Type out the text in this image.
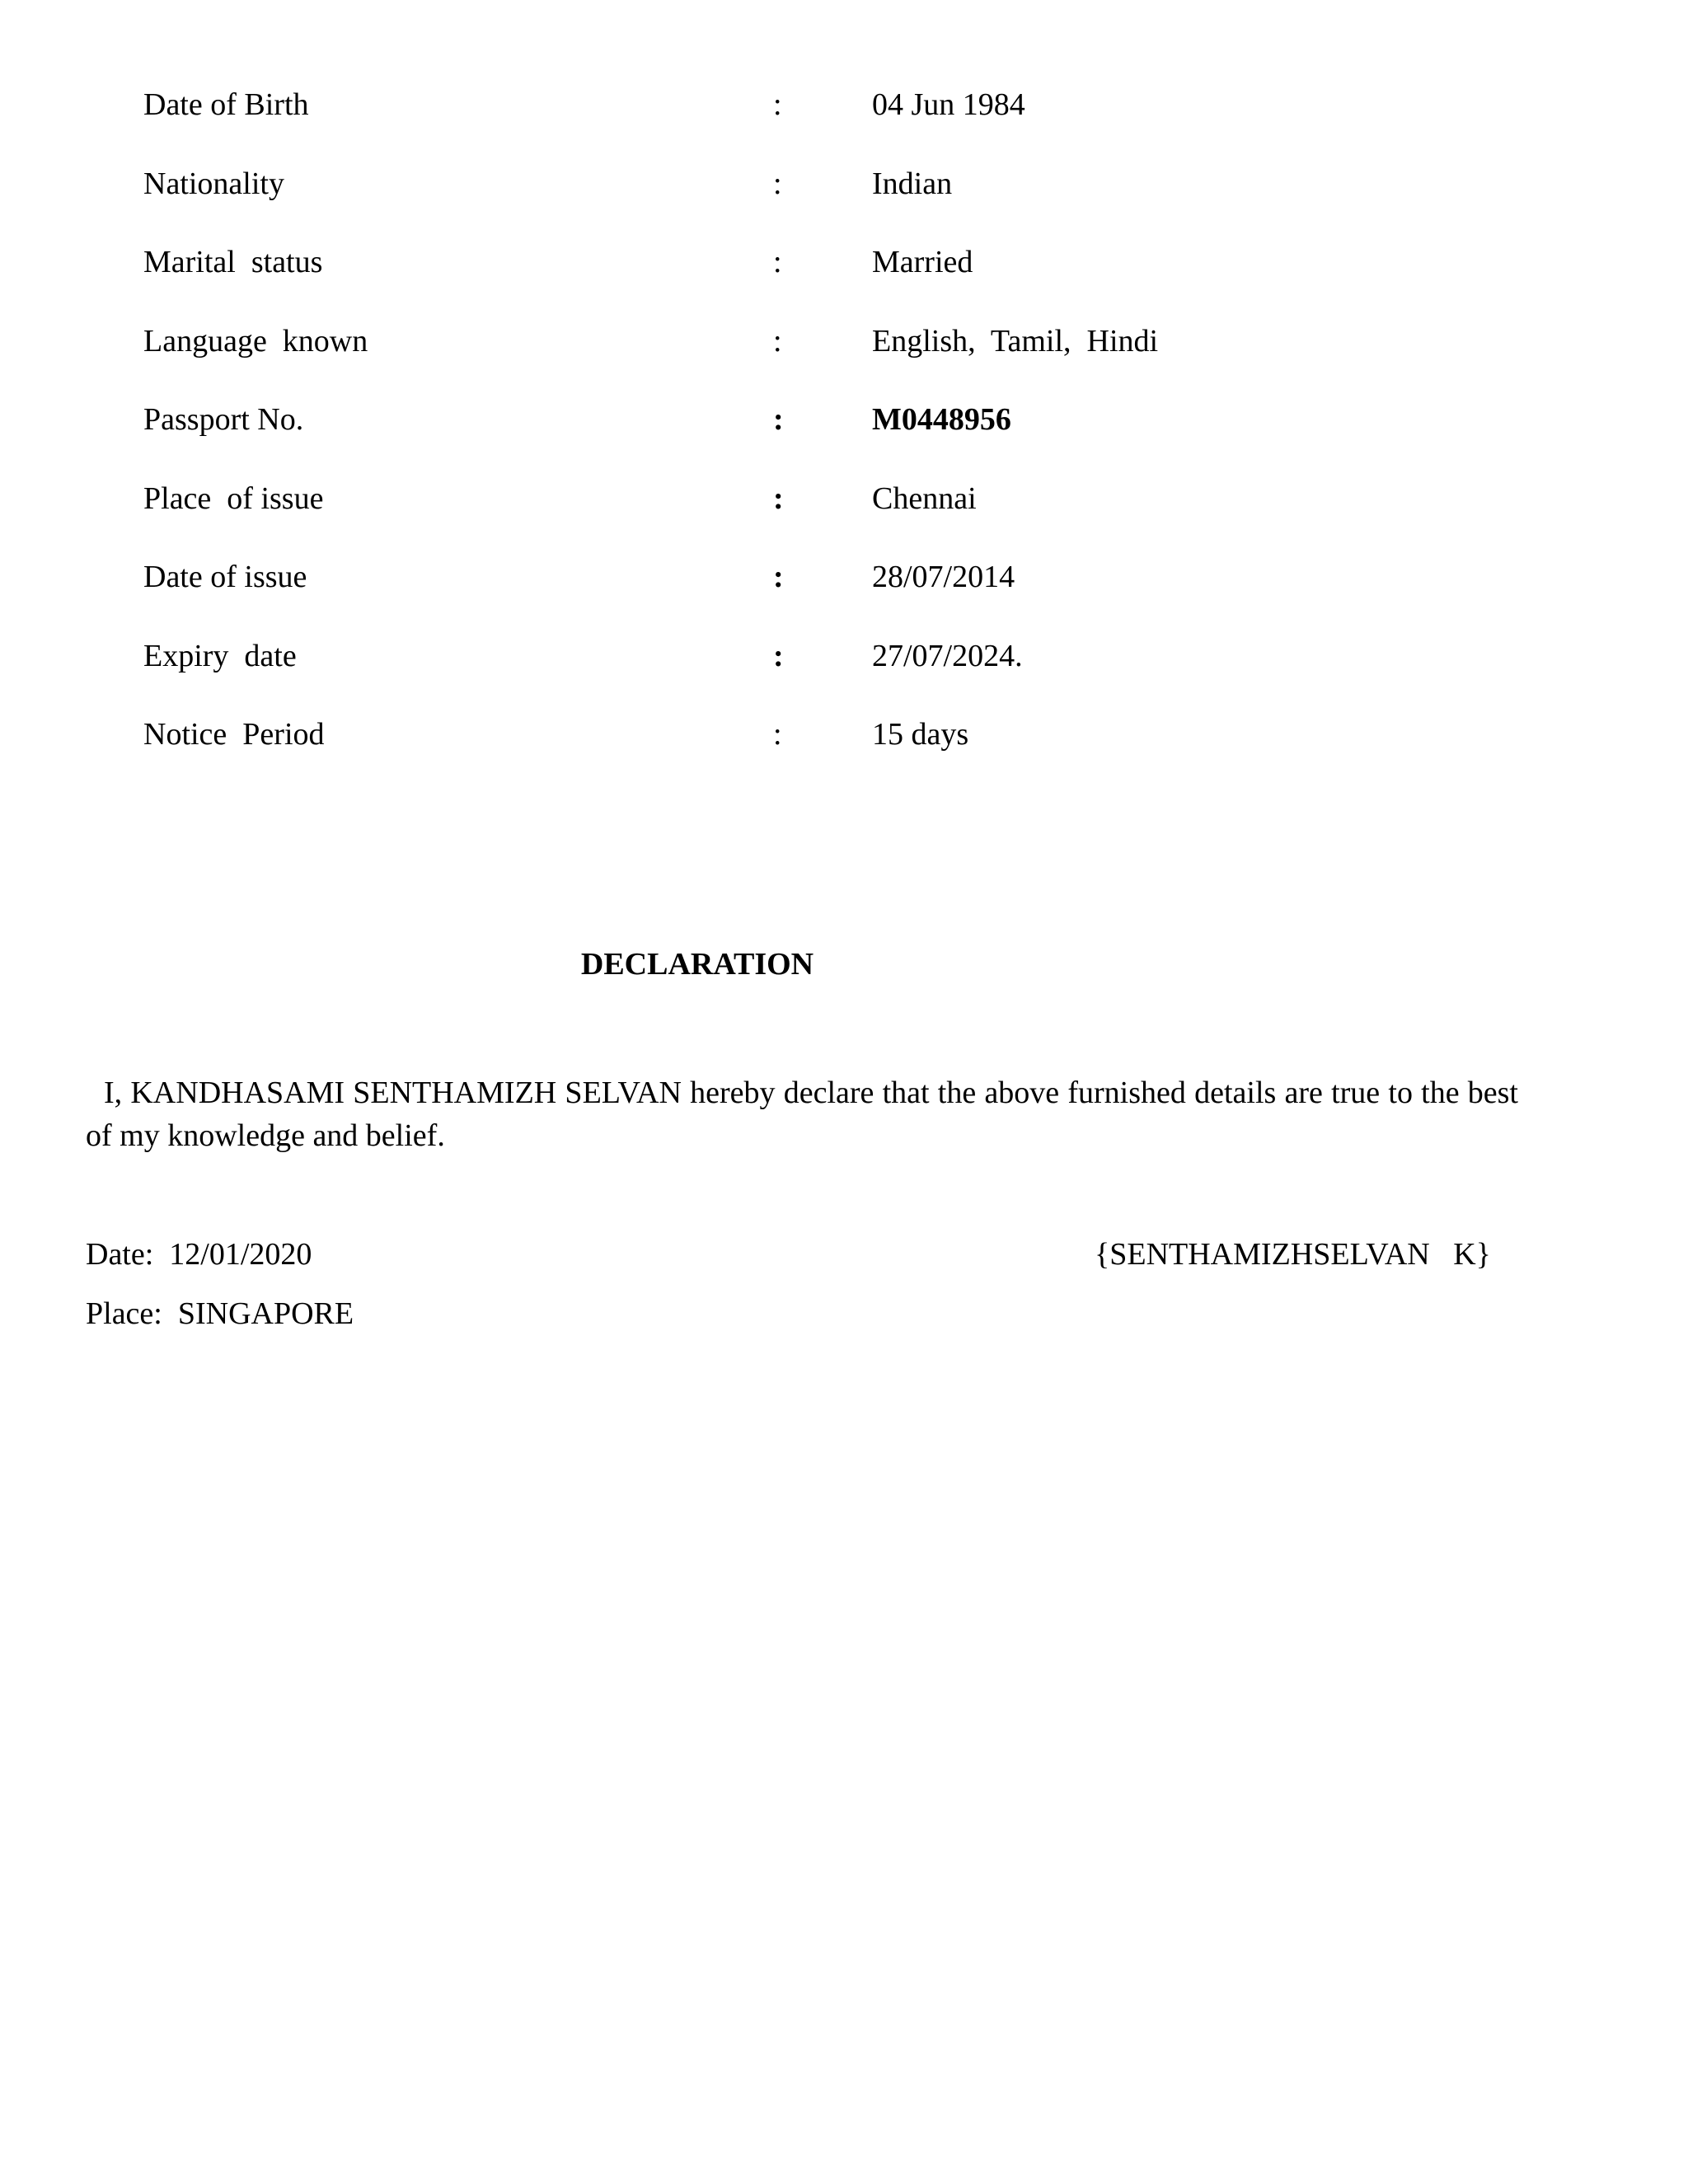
Date of Birth	:	04 Jun 1984
Nationality	:	Indian
Marital  status	:	Married
Language  known	:	English,  Tamil,  Hindi
Passport No.	:	M0448956
Place  of issue	:	Chennai
Date of issue	:	28/07/2014
Expiry  date	:	27/07/2024.
Notice  Period	:	15 days
DECLARATION
I, KANDHASAMI SENTHAMIZH SELVAN hereby declare that the above furnished details are true to the best of my knowledge and belief.
Date:  12/01/2020
Place:  SINGAPORE
{SENTHAMIZHSELVAN   K}
